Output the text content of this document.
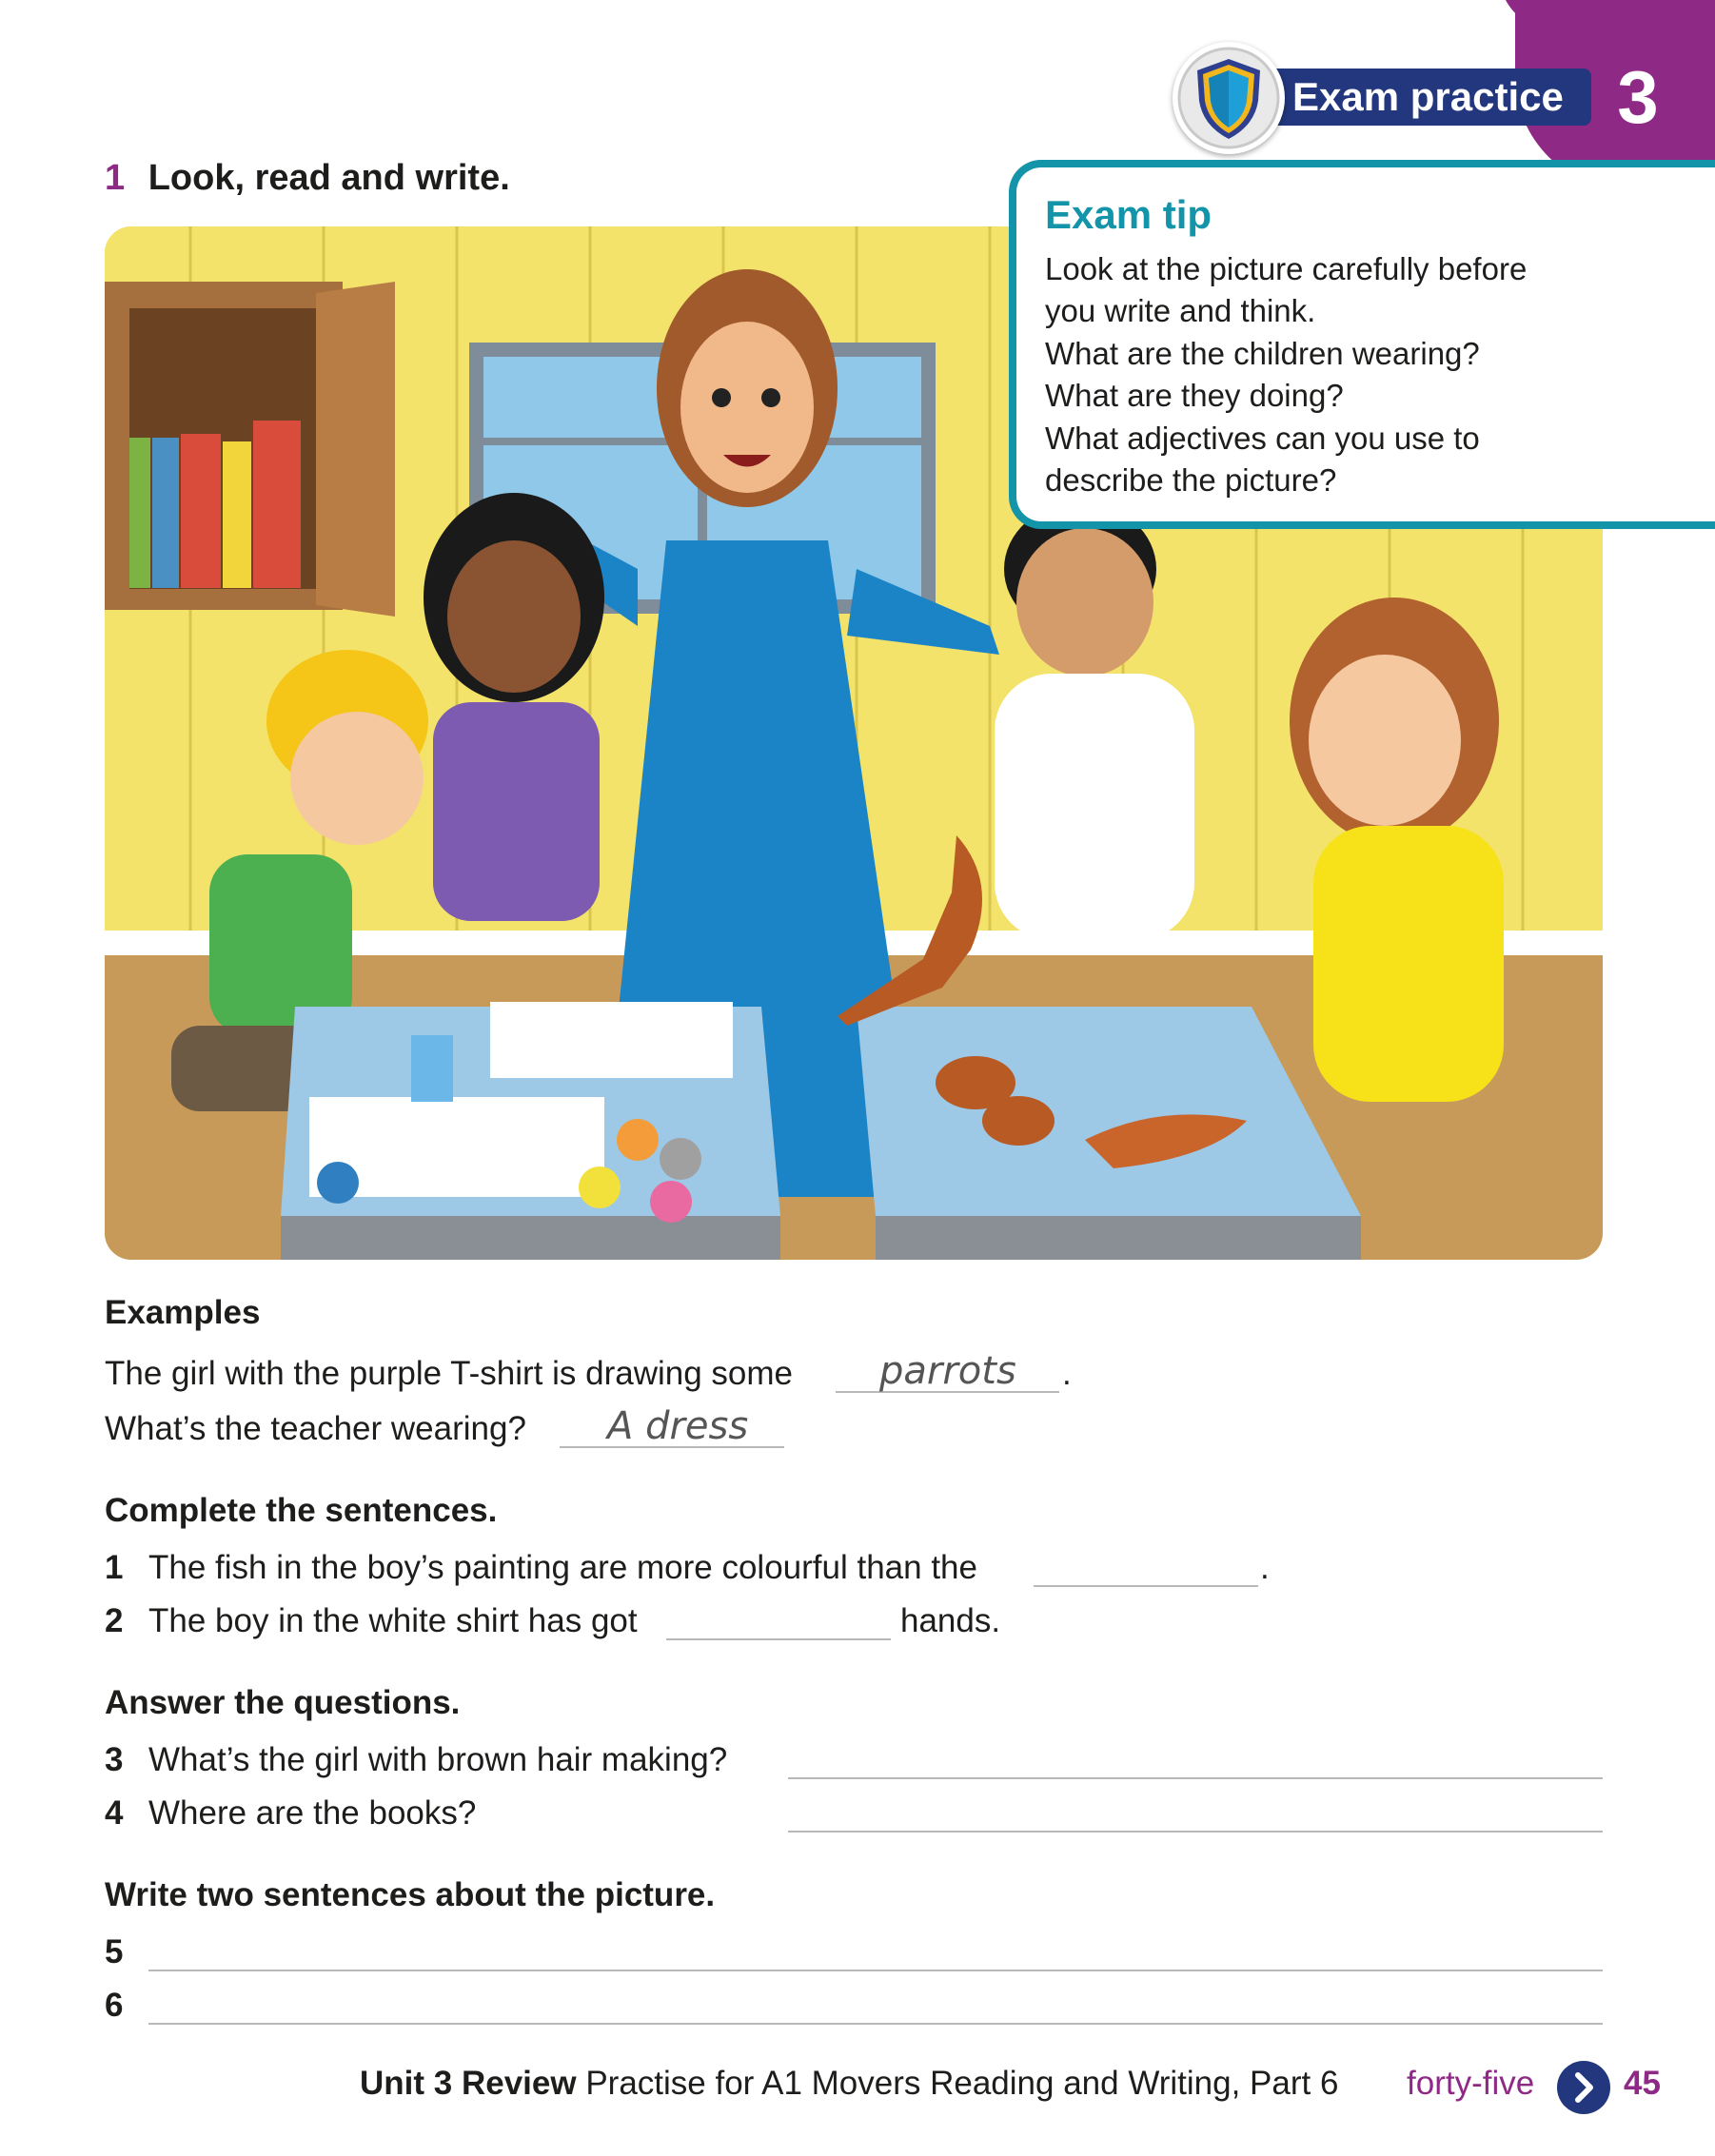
3
Exam practice
1 Look, read and write.
Exam tip
Look at the picture carefully before
you write and think.
What are the children wearing?
What are they doing?
What adjectives can you use to
describe the picture?
Examples
The girl with the purple T-shirt is drawing some parrots .
What’s the teacher wearing? A dress
Complete the sentences.
1 The fish in the boy’s painting are more colourful than the	.
2 The boy in the white shirt has got	hands.
Answer the questions.
3 What’s the girl with brown hair making?
4 Where are the books?
Write two sentences about the picture.
5
6
Unit 3 Review Practise for A1 Movers Reading and Writing, Part 6 forty-five	45
